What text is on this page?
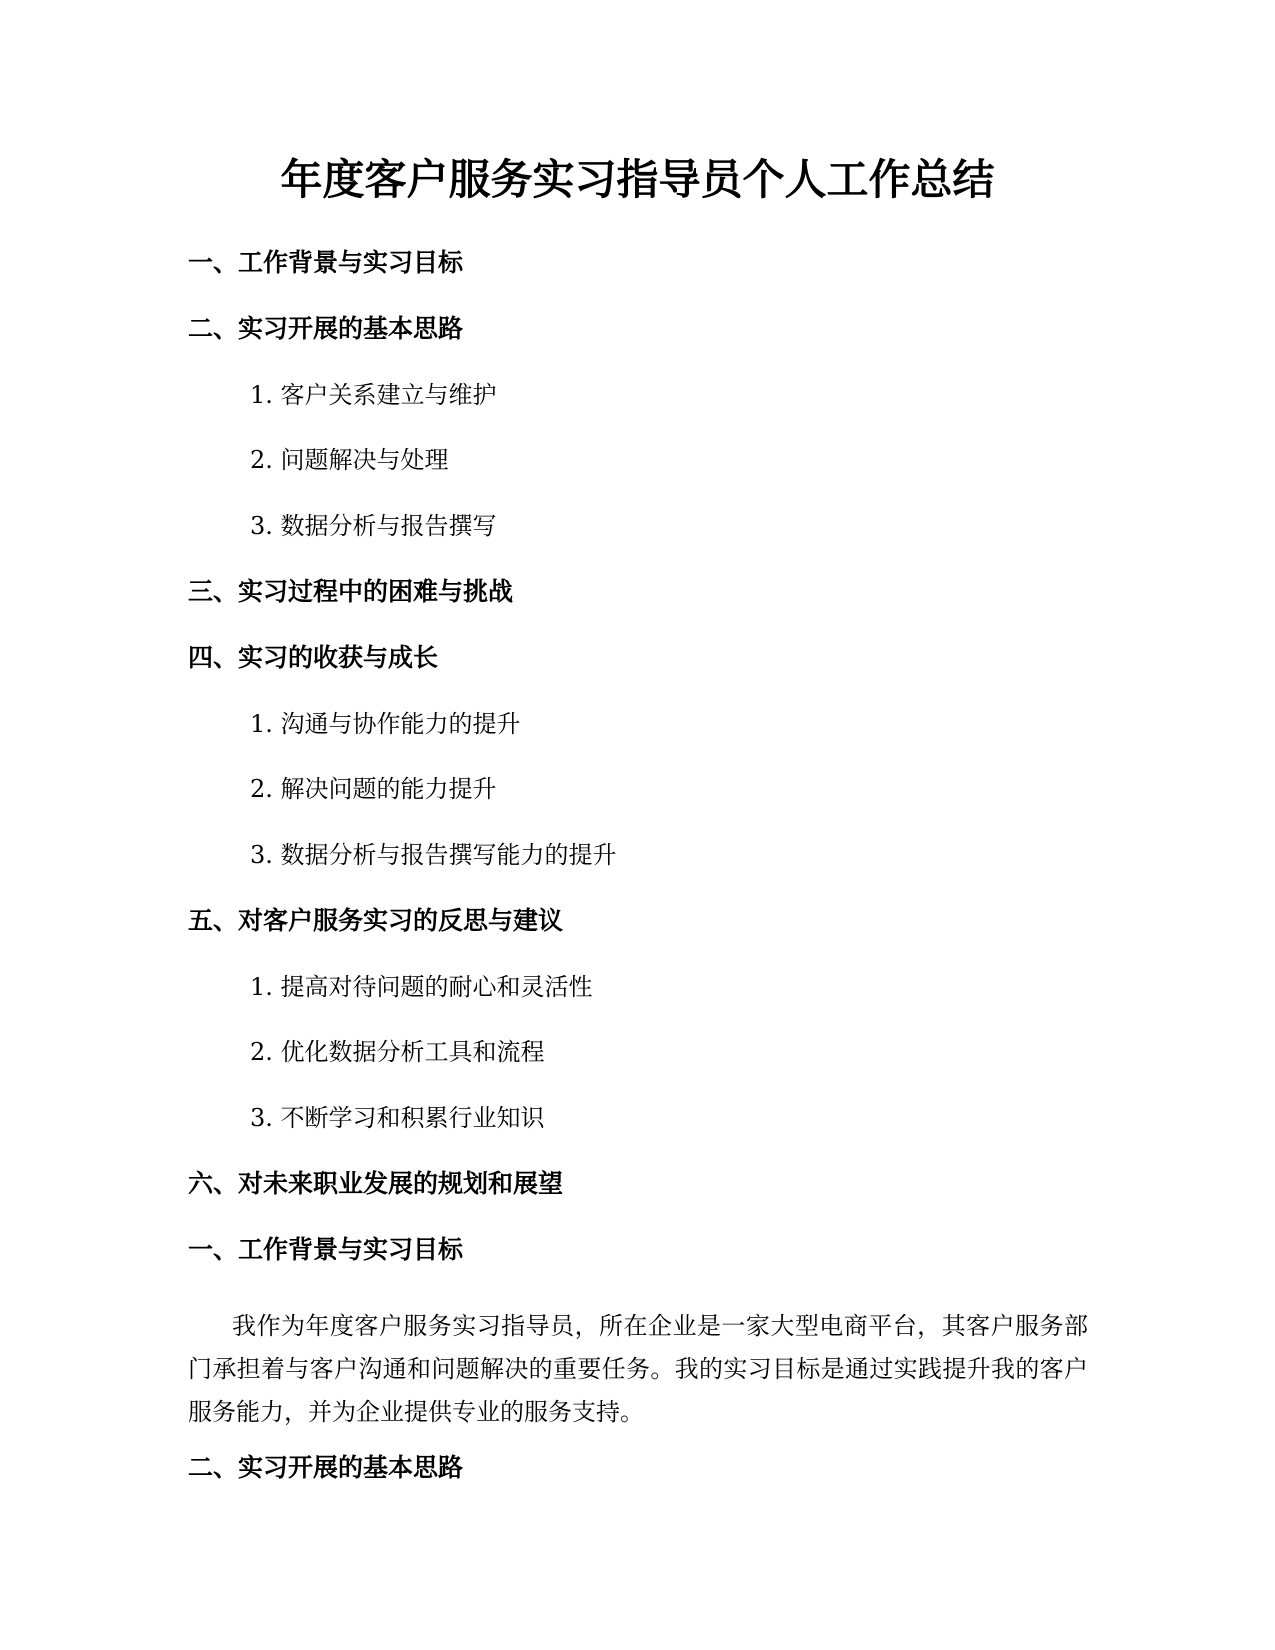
年度客户服务实习指导员个人工作总结
一、工作背景与实习目标
二、实习开展的基本思路

1. 客户关系建立与维护

2. 问题解决与处理

3. 数据分析与报告撰写

三、实习过程中的困难与挑战
四、实习的收获与成长

1. 沟通与协作能力的提升

2. 解决问题的能力提升

3. 数据分析与报告撰写能力的提升

五、对客户服务实习的反思与建议

1. 提高对待问题的耐心和灵活性

2. 优化数据分析工具和流程

3. 不断学习和积累行业知识

六、对未来职业发展的规划和展望
一、工作背景与实习目标

我作为年度客户服务实习指导员，所在企业是一家大型电商平台，其客户服务部门承担着与客户沟通和问题解决的重要任务。我的实习目标是通过实践提升我的客户服务能力，并为企业提供专业的服务支持。

二、实习开展的基本思路
